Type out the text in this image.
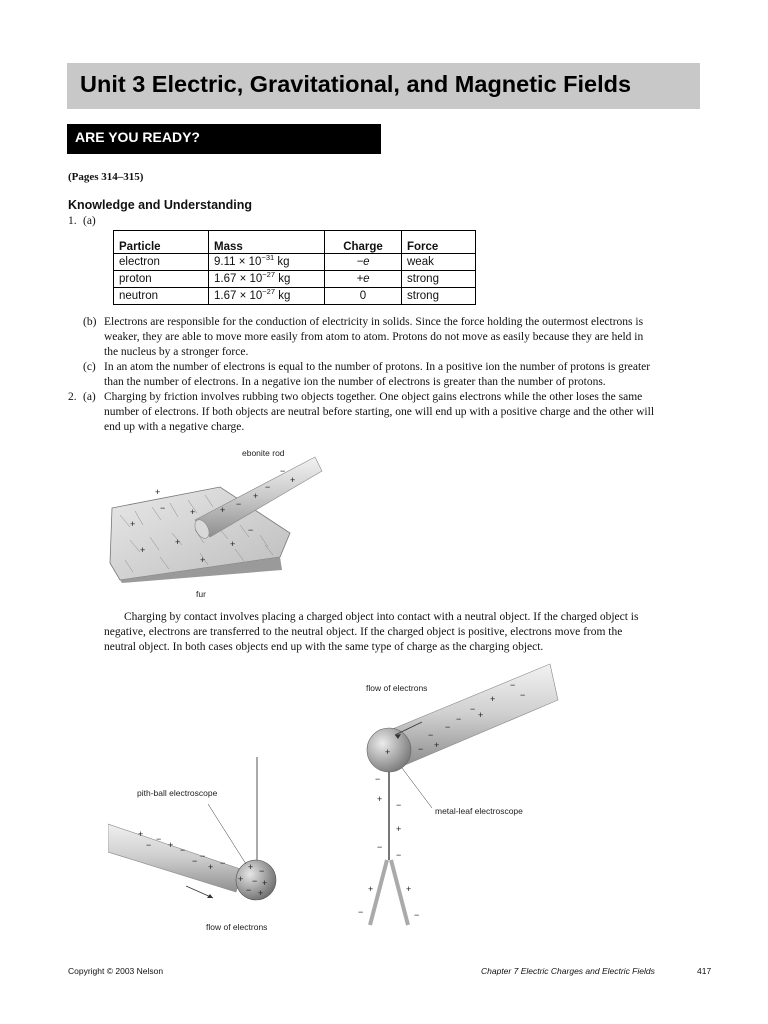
Unit 3 Electric, Gravitational, and Magnetic Fields
ARE YOU READY?
(Pages 314–315)
Knowledge and Understanding
1. (a)
Particle	Mass	Charge	Force
electron	$9.11 \times 10^{-31}$ kg	−e	weak
proton	$1.67 \times 10^{-27}$ kg	+e	strong
neutron	$1.67 \times 10^{-27}$ kg	0	strong
(b) Electrons are responsible for the conduction of electricity in solids. Since the force holding the outermost electrons is
weaker, they are able to move more easily from atom to atom. Protons do not move as easily because they are held in
the nucleus by a stronger force.
(c) In an atom the number of electrons is equal to the number of protons. In a positive ion the number of protons is greater
than the number of electrons. In a negative ion the number of electrons is greater than the number of protons.
2. (a) Charging by friction involves rubbing two objects together. One object gains electrons while the other loses the same
number of electrons. If both objects are neutral before starting, one will end up with a positive charge and the other will
end up with a negative charge.
+
−
+
−
+
−
+
+
+	+
−	+
+
−
+
ebonite rod
fur
Charging by contact involves placing a charged object into contact with a neutral object. If the charged object is
negative, electrons are transferred to the neutral object. If the charged object is positive, electrons move from the
neutral object. In both cases objects end up with the same type of charge as the charging object.
−
+
−
− +
−
−
+
−
−
+
−
+
−
+
−
−
+	+
−	−
flow of electrons
metal-leaf electroscope
+ −
+ −
−
−
+ −
−
+ −
+ − +
− +
pith-ball electroscope
flow of electrons
Copyright © 2003 Nelson	Chapter 7 Electric Charges and Electric Fields	417
